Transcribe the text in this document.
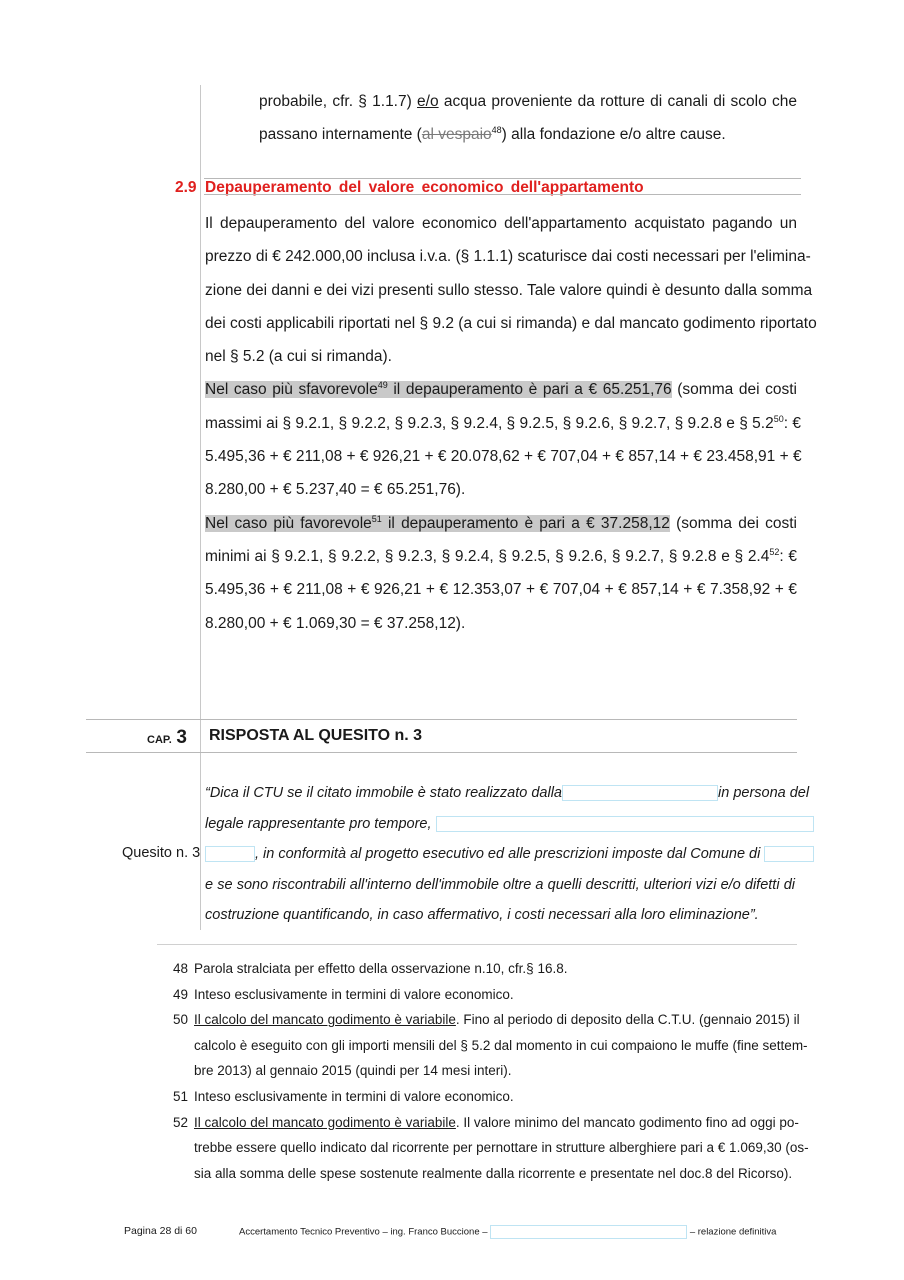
probabile, cfr. § 1.1.7) e/o acqua proveniente da rotture di canali di scolo che
passano internamente (al vespaio$^{48}$) alla fondazione e/o altre cause.
2.9 Depauperamento del valore economico dell'appartamento
Il depauperamento del valore economico dell'appartamento acquistato pagando un
prezzo di € 242.000,00 inclusa i.v.a. (§ 1.1.1) scaturisce dai costi necessari per l'elimina-
zione dei danni e dei vizi presenti sullo stesso. Tale valore quindi è desunto dalla somma
dei costi applicabili riportati nel § 9.2 (a cui si rimanda) e dal mancato godimento riportato
nel § 5.2 (a cui si rimanda).
Nel caso più sfavorevole$^{49}$ il depauperamento è pari a € 65.251,76 (somma dei costi
massimi ai § 9.2.1, § 9.2.2, § 9.2.3, § 9.2.4, § 9.2.5, § 9.2.6, § 9.2.7, § 9.2.8 e § $5.2^{50}$: €
5.495,36 + € 211,08 + € 926,21 + € 20.078,62 + € 707,04 + € 857,14 + € 23.458,91 + €
8.280,00 + € 5.237,40 = € 65.251,76).
Nel caso più favorevole$^{51}$ il depauperamento è pari a € 37.258,12 (somma dei costi
minimi ai § 9.2.1, § 9.2.2, § 9.2.3, § 9.2.4, § 9.2.5, § 9.2.6, § 9.2.7, § 9.2.8 e § $2.4^{52}$: €
5.495,36 + € 211,08 + € 926,21 + € 12.353,07 + € 707,04 + € 857,14 + € 7.358,92 + €
8.280,00 + € 1.069,30 = € 37.258,12).
CAP. 3 RISPOSTA AL QUESITO n. 3
Quesito n. 3
“Dica il CTU se il citato immobile è stato realizzato dalla	in persona del
legale rappresentante pro tempore,
, in conformità al progetto esecutivo ed alle prescrizioni imposte dal Comune di
e se sono riscontrabili all'interno dell'immobile oltre a quelli descritti, ulteriori vizi e/o difetti di
costruzione quantificando, in caso affermativo, i costi necessari alla loro eliminazione”.
48 Parola stralciata per effetto della osservazione n.10, cfr.§ 16.8.
49 Inteso esclusivamente in termini di valore economico.
50 Il calcolo del mancato godimento è variabile. Fino al periodo di deposito della C.T.U. (gennaio 2015) il
calcolo è eseguito con gli importi mensili del § 5.2 dal momento in cui compaiono le muffe (fine settem-
bre 2013) al gennaio 2015 (quindi per 14 mesi interi).
51 Inteso esclusivamente in termini di valore economico.
52 Il calcolo del mancato godimento è variabile. Il valore minimo del mancato godimento fino ad oggi po-
trebbe essere quello indicato dal ricorrente per pernottare in strutture alberghiere pari a € 1.069,30 (os-
sia alla somma delle spese sostenute realmente dalla ricorrente e presentate nel doc.8 del Ricorso).
Pagina 28 di 60	Accertamento Tecnico Preventivo – ing. Franco Buccione –	– relazione definitiva
